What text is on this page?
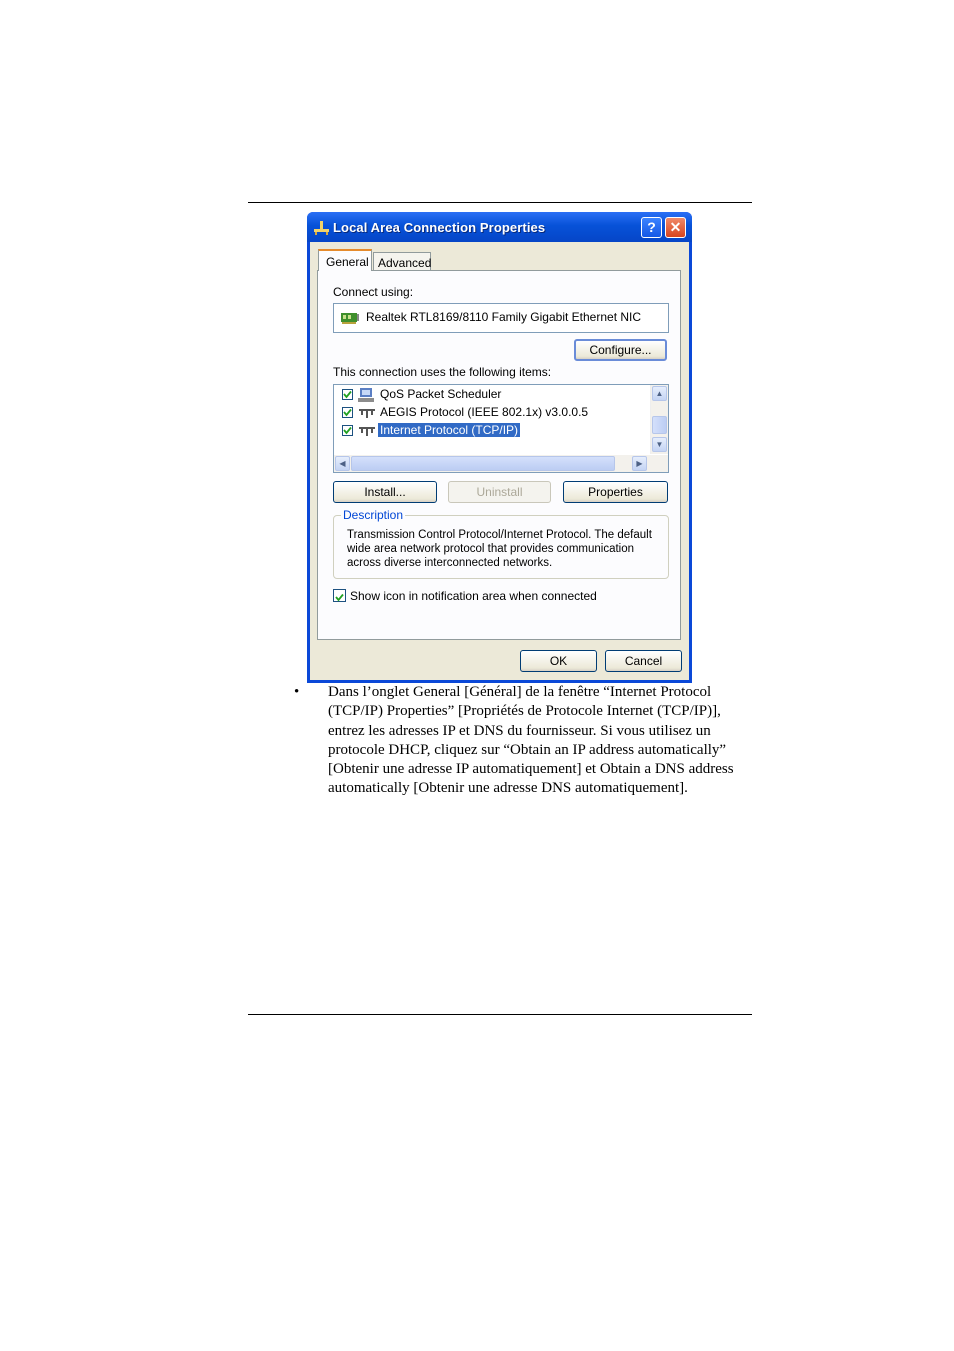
Local Area Connection Properties	? ✕
General Advanced
Connect using:
Realtek RTL8169/8110 Family Gigabit Ethernet NIC
Configure...
This connection uses the following items:
QoS Packet Scheduler
AEGIS Protocol (IEEE 802.1x) v3.0.0.5
Internet Protocol (TCP/IP)
▲
▼
◀	▶
Install...	Uninstall	Properties
Description
Transmission Control Protocol/Internet Protocol. The default wide area network protocol that provides communication across diverse interconnected networks.
Show icon in notification area when connected
OK	Cancel
• Dans l’onglet General [Général] de la fenêtre “Internet Protocol (TCP/IP) Properties” [Propriétés de Protocole Internet (TCP/IP)], entrez les adresses IP et DNS du fournisseur. Si vous utilisez un protocole DHCP, cliquez sur “Obtain an IP address automatically” [Obtenir une adresse IP automatiquement] et Obtain a DNS address automatically [Obtenir une adresse DNS automatiquement].
